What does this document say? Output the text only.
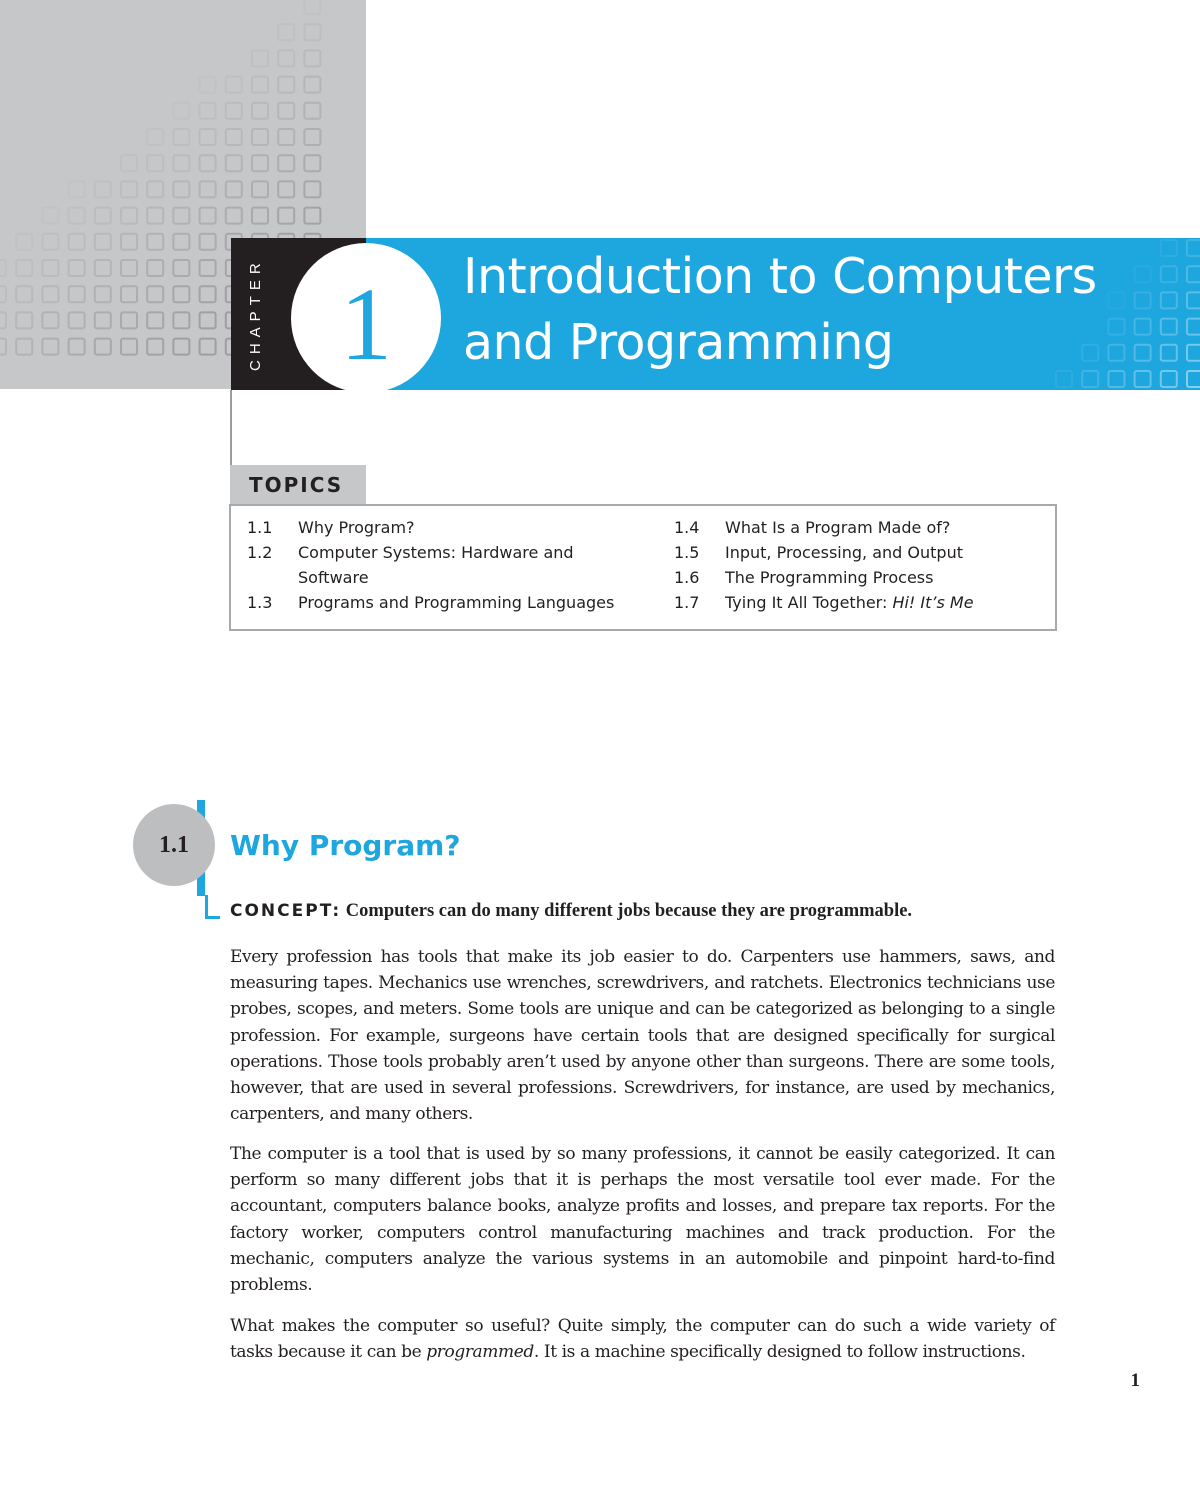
CHAPTER 1	Introduction to Computers
and Programming
TOPICS
1.1	Why Program?
1.2	Computer Systems: Hardware and Software
1.3	Programs and Programming Languages
1.4	What Is a Program Made of?
1.5	Input, Processing, and Output
1.6	The Programming Process
1.7	Tying It All Together: Hi! It’s Me
1.1	Why Program?
CONCEPT: Computers can do many different jobs because they are programmable.

Every profession has tools that make its job easier to do. Carpenters use hammers, saws, and measuring tapes. Mechanics use wrenches, screwdrivers, and ratchets. Electronics technicians use probes, scopes, and meters. Some tools are unique and can be categorized as belonging to a single profession. For example, surgeons have certain tools that are designed specifically for surgical operations. Those tools probably aren’t used by anyone other than surgeons. There are some tools, however, that are used in several professions. Screwdrivers, for instance, are used by mechanics, carpenters, and many others.

The computer is a tool that is used by so many professions, it cannot be easily categorized. It can perform so many different jobs that it is perhaps the most versatile tool ever made. For the accountant, computers balance books, analyze profits and losses, and prepare tax reports. For the factory worker, computers control manufacturing machines and track production. For the mechanic, computers analyze the various systems in an automobile and pinpoint hard-to-find problems.

What makes the computer so useful? Quite simply, the computer can do such a wide variety of tasks because it can be programmed. It is a machine specifically designed to follow instructions.

1
